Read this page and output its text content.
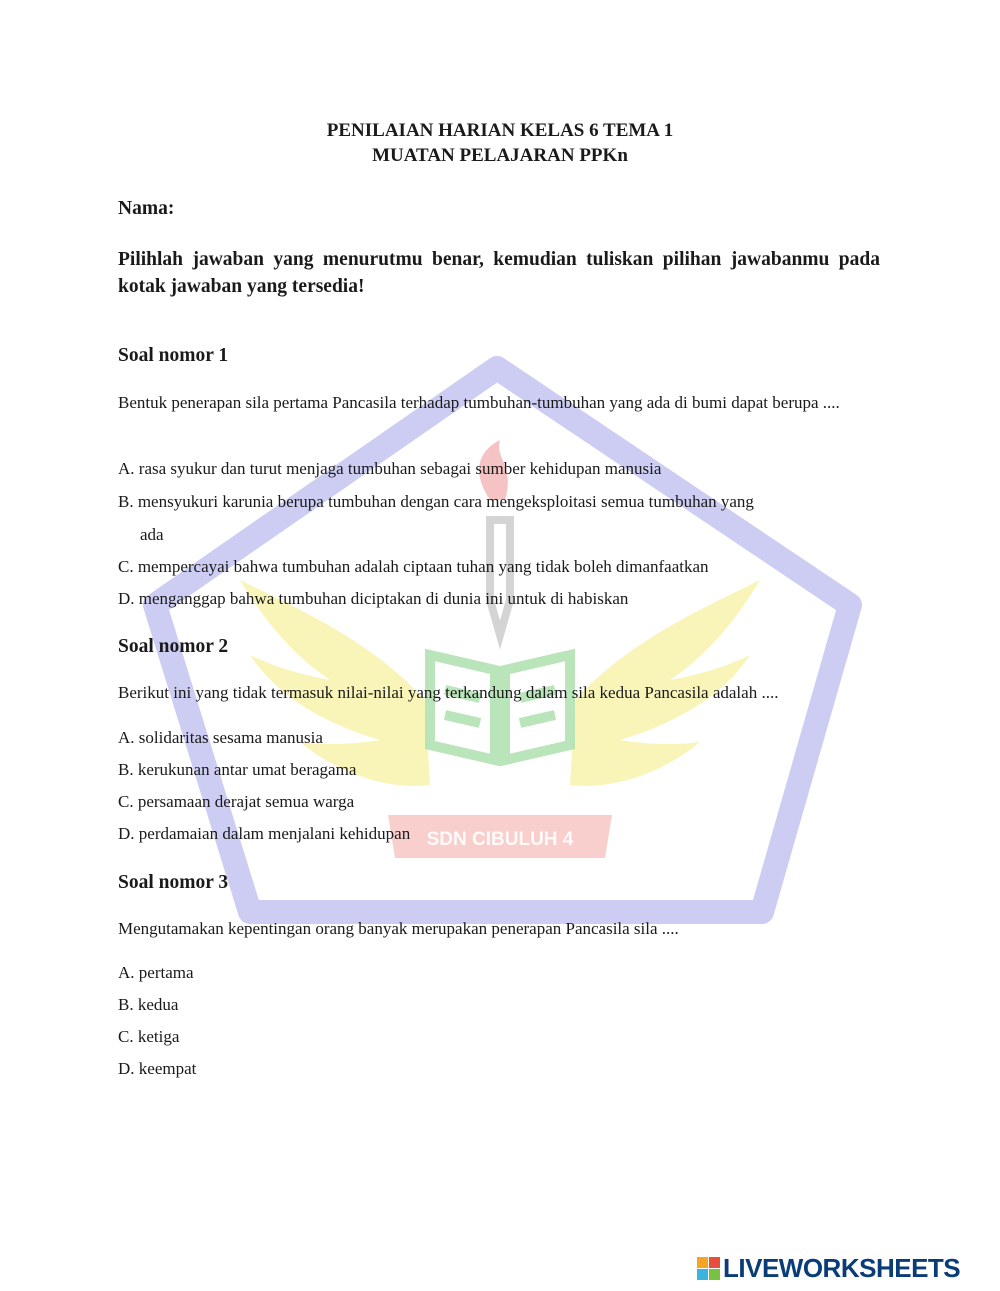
SDN CIBULUH 4
PENILAIAN HARIAN KELAS 6 TEMA 1
MUATAN PELAJARAN PPKn
Nama:
Pilihlah jawaban yang menurutmu benar, kemudian tuliskan pilihan jawabanmu pada kotak jawaban yang tersedia!
Soal nomor 1
Bentuk penerapan sila pertama Pancasila terhadap tumbuhan-tumbuhan yang ada di bumi dapat berupa ....
A. rasa syukur dan turut menjaga tumbuhan sebagai sumber kehidupan manusia
B. mensyukuri karunia berupa tumbuhan dengan cara mengeksploitasi semua tumbuhan yang
ada
C. mempercayai bahwa tumbuhan adalah ciptaan tuhan yang tidak boleh dimanfaatkan
D. menganggap bahwa tumbuhan diciptakan di dunia ini untuk di habiskan
Soal nomor 2
Berikut ini yang tidak termasuk nilai-nilai yang terkandung dalam sila kedua Pancasila adalah ....
A. solidaritas sesama manusia
B. kerukunan antar umat beragama
C. persamaan derajat semua warga
D. perdamaian dalam menjalani kehidupan
Soal nomor 3
Mengutamakan kepentingan orang banyak merupakan penerapan Pancasila sila ....
A. pertama
B. kedua
C. ketiga
D. keempat
LIVEWORKSHEETS
